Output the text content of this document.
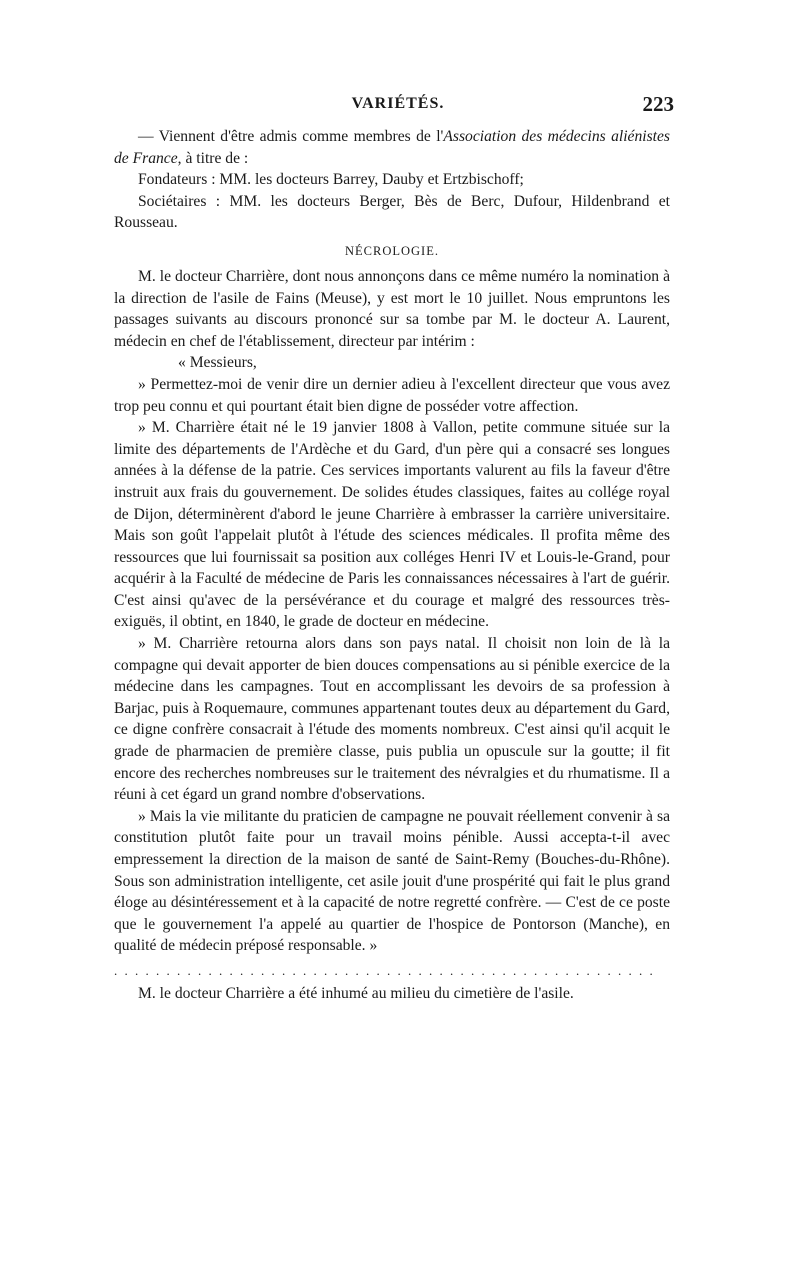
VARIÉTÉS.	223

— Viennent d'être admis comme membres de l'Association des médecins aliénistes de France, à titre de :

Fondateurs : MM. les docteurs Barrey, Dauby et Ertzbischoff;

Sociétaires : MM. les docteurs Berger, Bès de Berc, Dufour, Hildenbrand et Rousseau.

NÉCROLOGIE.

M. le docteur Charrière, dont nous annonçons dans ce même numéro la nomination à la direction de l'asile de Fains (Meuse), y est mort le 10 juillet. Nous empruntons les passages suivants au discours prononcé sur sa tombe par M. le docteur A. Laurent, médecin en chef de l'établissement, directeur par intérim :

« Messieurs,

» Permettez-moi de venir dire un dernier adieu à l'excellent directeur que vous avez trop peu connu et qui pourtant était bien digne de posséder votre affection.

» M. Charrière était né le 19 janvier 1808 à Vallon, petite commune située sur la limite des départements de l'Ardèche et du Gard, d'un père qui a consacré ses longues années à la défense de la patrie. Ces services importants valurent au fils la faveur d'être instruit aux frais du gouvernement. De solides études classiques, faites au collége royal de Dijon, déterminèrent d'abord le jeune Charrière à embrasser la carrière universitaire. Mais son goût l'appelait plutôt à l'étude des sciences médicales. Il profita même des ressources que lui fournissait sa position aux colléges Henri IV et Louis-le-Grand, pour acquérir à la Faculté de médecine de Paris les connaissances nécessaires à l'art de guérir. C'est ainsi qu'avec de la persévérance et du courage et malgré des ressources très-exiguës, il obtint, en 1840, le grade de docteur en médecine.

» M. Charrière retourna alors dans son pays natal. Il choisit non loin de là la compagne qui devait apporter de bien douces compensations au si pénible exercice de la médecine dans les campagnes. Tout en accomplissant les devoirs de sa profession à Barjac, puis à Roquemaure, communes appartenant toutes deux au département du Gard, ce digne confrère consacrait à l'étude des moments nombreux. C'est ainsi qu'il acquit le grade de pharmacien de première classe, puis publia un opuscule sur la goutte; il fit encore des recherches nombreuses sur le traitement des névralgies et du rhumatisme. Il a réuni à cet égard un grand nombre d'observations.

» Mais la vie militante du praticien de campagne ne pouvait réellement convenir à sa constitution plutôt faite pour un travail moins pénible. Aussi accepta-t-il avec empressement la direction de la maison de santé de Saint-Remy (Bouches-du-Rhône). Sous son administration intelligente, cet asile jouit d'une prospérité qui fait le plus grand éloge au désintéressement et à la capacité de notre regretté confrère. — C'est de ce poste que le gouvernement l'a appelé au quartier de l'hospice de Pontorson (Manche), en qualité de médecin préposé responsable. »

. . . . . . . . . . . . . . . . . . . . . . . . . . . . . . . . . . . . . . . . . . . . . . . . . . . .

M. le docteur Charrière a été inhumé au milieu du cimetière de l'asile.
